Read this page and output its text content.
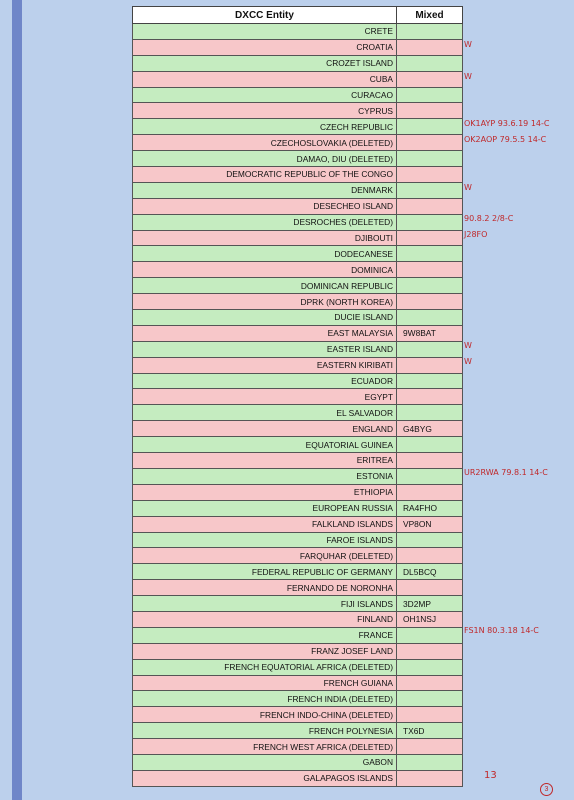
DXCC Entity	Mixed
CRETE	
CROATIA	
CROZET ISLAND	
CUBA	
CURACAO	
CYPRUS	
CZECH REPUBLIC	
CZECHOSLOVAKIA (DELETED)	
DAMAO, DIU (DELETED)	
DEMOCRATIC REPUBLIC OF THE CONGO	
DENMARK	
DESECHEO ISLAND	
DESROCHES (DELETED)	
DJIBOUTI	
DODECANESE	
DOMINICA	
DOMINICAN REPUBLIC	
DPRK (NORTH KOREA)	
DUCIE ISLAND	
EAST MALAYSIA	9W8BAT
EASTER ISLAND	
EASTERN KIRIBATI	
ECUADOR	
EGYPT	
EL SALVADOR	
ENGLAND	G4BYG
EQUATORIAL GUINEA	
ERITREA	
ESTONIA	
ETHIOPIA	
EUROPEAN RUSSIA	RA4FHO
FALKLAND ISLANDS	VP8ON
FAROE ISLANDS	
FARQUHAR (DELETED)	
FEDERAL REPUBLIC OF GERMANY	DL5BCQ
FERNANDO DE NORONHA	
FIJI ISLANDS	3D2MP
FINLAND	OH1NSJ
FRANCE	
FRANZ JOSEF LAND	
FRENCH EQUATORIAL AFRICA (DELETED)	
FRENCH GUIANA	
FRENCH INDIA (DELETED)	
FRENCH INDO-CHINA (DELETED)	
FRENCH POLYNESIA	TX6D
FRENCH WEST AFRICA (DELETED)	
GABON	
GALAPAGOS ISLANDS	
W
W
OK1AYP 93.6.19 14-C
OK2AOP 79.5.5 14-C
W
90.8.2 2/8-C
J28FO
W
W
UR2RWA 79.8.1 14-C
FS1N 80.3.18 14-C
13
3
